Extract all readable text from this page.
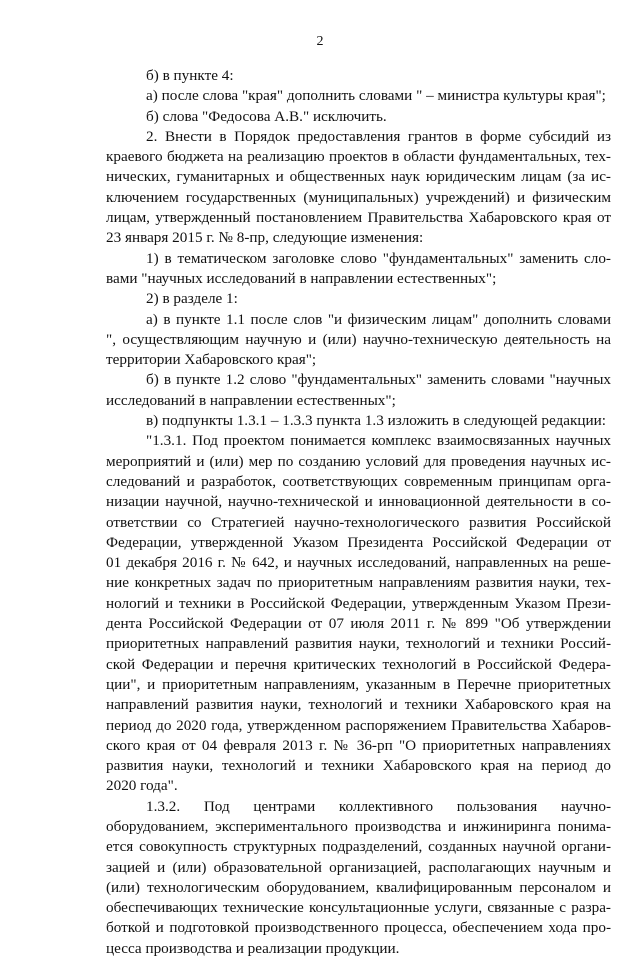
2
б) в пункте 4:
а) после слова "края" дополнить словами " – министра культуры края";
б) слова "Федосова А.В." исключить.
2. Внести в Порядок предоставления грантов в форме субсидий из
краевого бюджета на реализацию проектов в области фундаментальных, тех-
нических, гуманитарных и общественных наук юридическим лицам (за ис-
ключением государственных (муниципальных) учреждений) и физическим
лицам, утвержденный постановлением Правительства Хабаровского края от
23 января 2015 г. № 8-пр, следующие изменения:
1) в тематическом заголовке слово "фундаментальных" заменить сло-
вами "научных исследований в направлении естественных";
2) в разделе 1:
а) в пункте 1.1 после слов "и физическим лицам" дополнить словами
", осуществляющим научную и (или) научно-техническую деятельность на
территории Хабаровского края";
б) в пункте 1.2 слово "фундаментальных" заменить словами "научных
исследований в направлении естественных";
в) подпункты 1.3.1 – 1.3.3 пункта 1.3 изложить в следующей редакции:
"1.3.1. Под проектом понимается комплекс взаимосвязанных научных
мероприятий и (или) мер по созданию условий для проведения научных ис-
следований и разработок, соответствующих современным принципам орга-
низации научной, научно-технической и инновационной деятельности в со-
ответствии со Стратегией научно-технологического развития Российской
Федерации, утвержденной Указом Президента Российской Федерации от
01 декабря 2016 г. № 642, и научных исследований, направленных на реше-
ние конкретных задач по приоритетным направлениям развития науки, тех-
нологий и техники в Российской Федерации, утвержденным Указом Прези-
дента Российской Федерации от 07 июля 2011 г. № 899 "Об утверждении
приоритетных направлений развития науки, технологий и техники Россий-
ской Федерации и перечня критических технологий в Российской Федера-
ции", и приоритетным направлениям, указанным в Перечне приоритетных
направлений развития науки, технологий и техники Хабаровского края на
период до 2020 года, утвержденном распоряжением Правительства Хабаров-
ского края от 04 февраля 2013 г. № 36-рп "О приоритетных направлениях
развития науки, технологий и техники Хабаровского края на период до
2020 года".
1.3.2. Под центрами коллективного пользования научно-
оборудованием, экспериментального производства и инжиниринга понима-
ется совокупность структурных подразделений, созданных научной органи-
зацией и (или) образовательной организацией, располагающих научным и
(или) технологическим оборудованием, квалифицированным персоналом и
обеспечивающих технические консультационные услуги, связанные с разра-
боткой и подготовкой производственного процесса, обеспечением хода про-
цесса производства и реализации продукции.
